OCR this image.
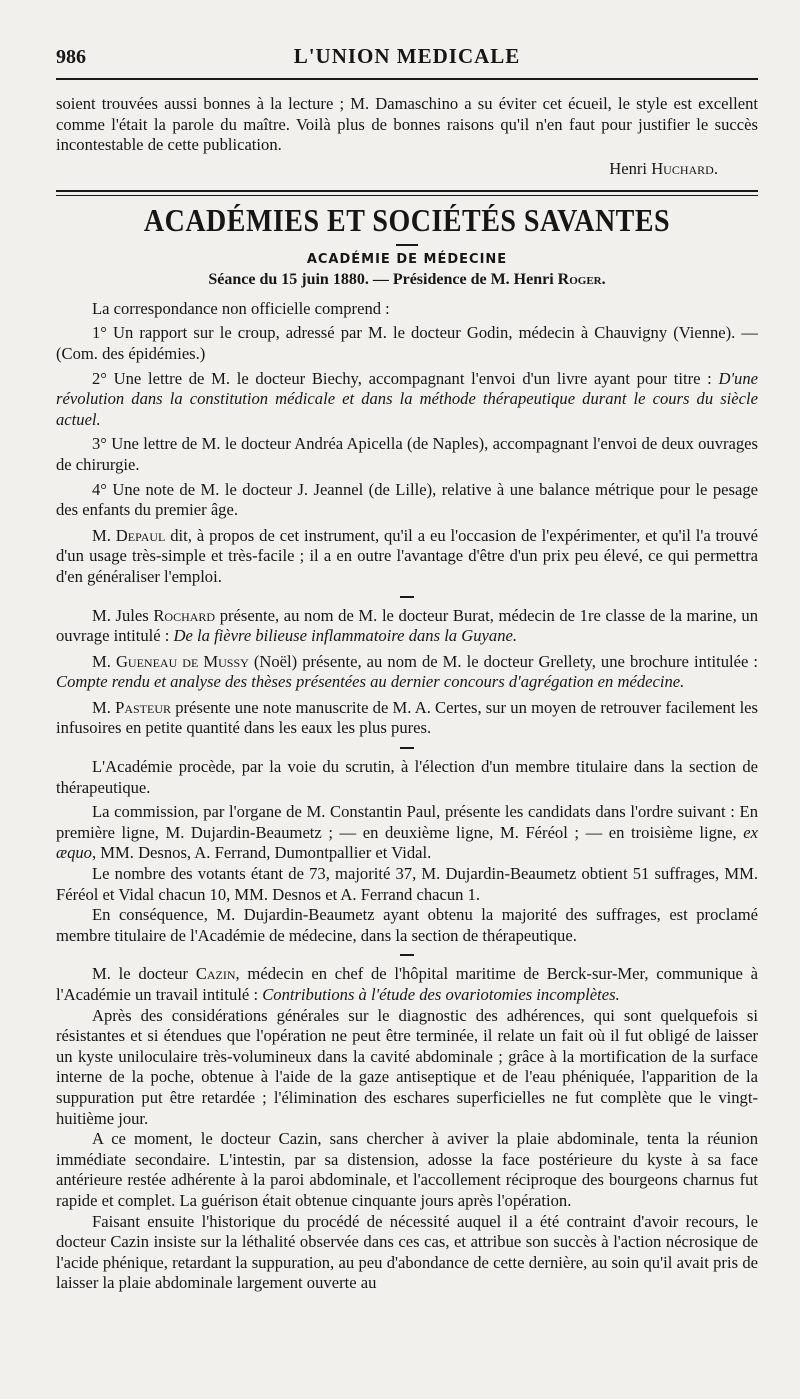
986	L'UNION MEDICALE

soient trouvées aussi bonnes à la lecture ; M. Damaschino a su éviter cet écueil, le style est excellent comme l'était la parole du maître. Voilà plus de bonnes raisons qu'il n'en faut pour justifier le succès incontestable de cette publication.

Henri Huchard.
ACADÉMIES ET SOCIÉTÉS SAVANTES
ACADÉMIE DE MÉDECINE
Séance du 15 juin 1880. — Présidence de M. Henri Roger.

La correspondance non officielle comprend :

1° Un rapport sur le croup, adressé par M. le docteur Godin, médecin à Chauvigny (Vienne). — (Com. des épidémies.)

2° Une lettre de M. le docteur Biechy, accompagnant l'envoi d'un livre ayant pour titre : D'une révolution dans la constitution médicale et dans la méthode thérapeutique durant le cours du siècle actuel.

3° Une lettre de M. le docteur Andréa Apicella (de Naples), accompagnant l'envoi de deux ouvrages de chirurgie.

4° Une note de M. le docteur J. Jeannel (de Lille), relative à une balance métrique pour le pesage des enfants du premier âge.

M. Depaul dit, à propos de cet instrument, qu'il a eu l'occasion de l'expérimenter, et qu'il l'a trouvé d'un usage très-simple et très-facile ; il a en outre l'avantage d'être d'un prix peu élevé, ce qui permettra d'en généraliser l'emploi.

M. Jules Rochard présente, au nom de M. le docteur Burat, médecin de 1re classe de la marine, un ouvrage intitulé : De la fièvre bilieuse inflammatoire dans la Guyane.

M. Gueneau de Mussy (Noël) présente, au nom de M. le docteur Grellety, une brochure intitulée : Compte rendu et analyse des thèses présentées au dernier concours d'agrégation en médecine.

M. Pasteur présente une note manuscrite de M. A. Certes, sur un moyen de retrouver facilement les infusoires en petite quantité dans les eaux les plus pures.

L'Académie procède, par la voie du scrutin, à l'élection d'un membre titulaire dans la section de thérapeutique.

La commission, par l'organe de M. Constantin Paul, présente les candidats dans l'ordre suivant : En première ligne, M. Dujardin-Beaumetz ; — en deuxième ligne, M. Féréol ; — en troisième ligne, ex æquo, MM. Desnos, A. Ferrand, Dumontpallier et Vidal.

Le nombre des votants étant de 73, majorité 37, M. Dujardin-Beaumetz obtient 51 suffrages, MM. Féréol et Vidal chacun 10, MM. Desnos et A. Ferrand chacun 1.

En conséquence, M. Dujardin-Beaumetz ayant obtenu la majorité des suffrages, est proclamé membre titulaire de l'Académie de médecine, dans la section de thérapeutique.

M. le docteur Cazin, médecin en chef de l'hôpital maritime de Berck-sur-Mer, communique à l'Académie un travail intitulé : Contributions à l'étude des ovariotomies incomplètes.

Après des considérations générales sur le diagnostic des adhérences, qui sont quelquefois si résistantes et si étendues que l'opération ne peut être terminée, il relate un fait où il fut obligé de laisser un kyste uniloculaire très-volumineux dans la cavité abdominale ; grâce à la mortification de la surface interne de la poche, obtenue à l'aide de la gaze antiseptique et de l'eau phéniquée, l'apparition de la suppuration put être retardée ; l'élimination des eschares superficielles ne fut complète que le vingt-huitième jour.

A ce moment, le docteur Cazin, sans chercher à aviver la plaie abdominale, tenta la réunion immédiate secondaire. L'intestin, par sa distension, adosse la face postérieure du kyste à sa face antérieure restée adhérente à la paroi abdominale, et l'accollement réciproque des bourgeons charnus fut rapide et complet. La guérison était obtenue cinquante jours après l'opération.

Faisant ensuite l'historique du procédé de nécessité auquel il a été contraint d'avoir recours, le docteur Cazin insiste sur la léthalité observée dans ces cas, et attribue son succès à l'action nécrosique de l'acide phénique, retardant la suppuration, au peu d'abondance de cette dernière, au soin qu'il avait pris de laisser la plaie abdominale largement ouverte au
